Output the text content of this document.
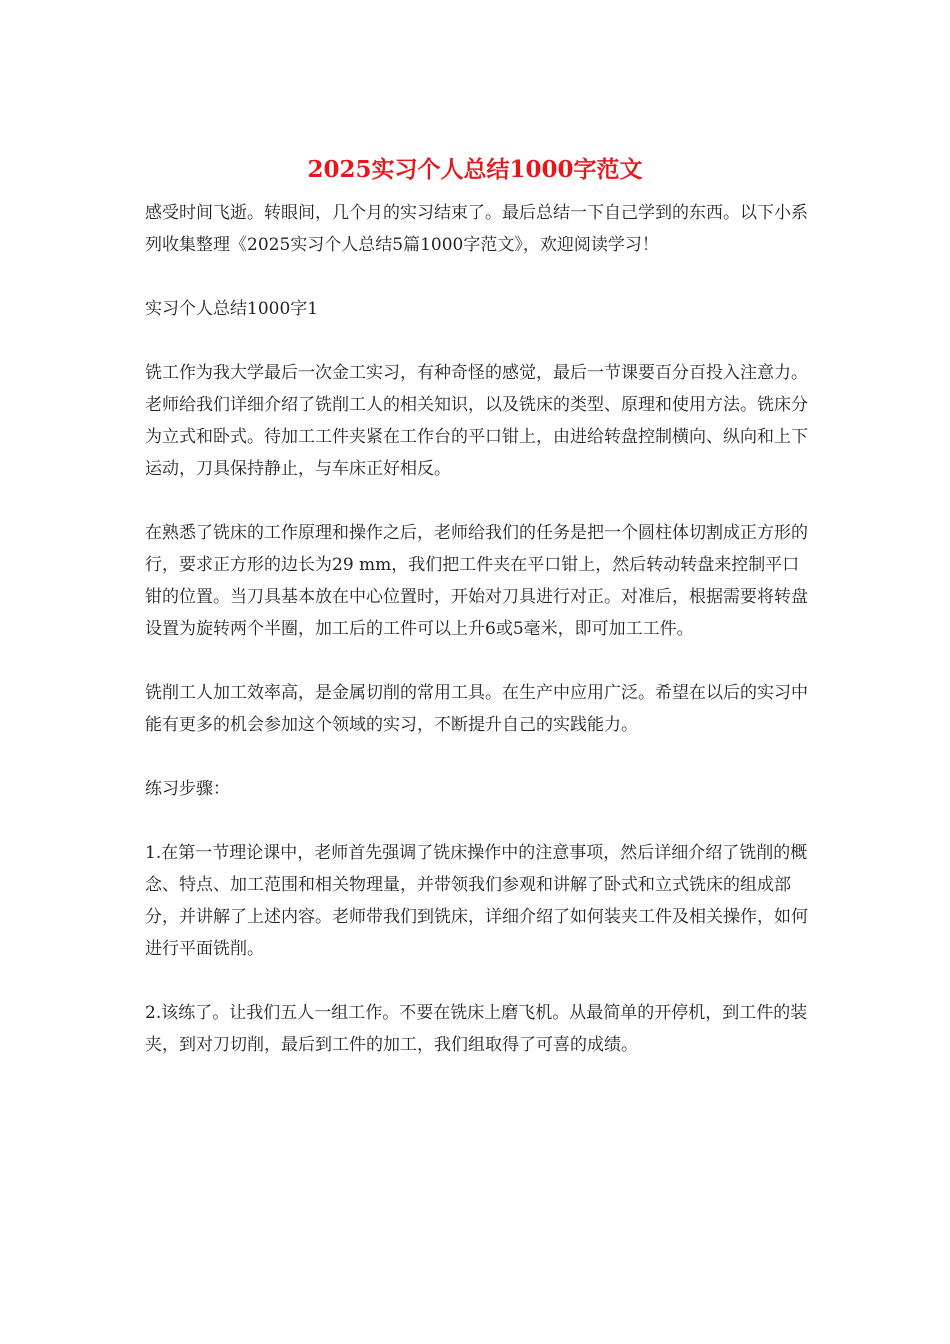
2025实习个人总结1000字范文

感受时间飞逝。转眼间，几个月的实习结束了。最后总结一下自己学到的东西。以下小系列收集整理《2025实习个人总结5篇1000字范文》，欢迎阅读学习！

实习个人总结1000字1

铣工作为我大学最后一次金工实习，有种奇怪的感觉，最后一节课要百分百投入注意力。老师给我们详细介绍了铣削工人的相关知识，以及铣床的类型、原理和使用方法。铣床分为立式和卧式。待加工工件夹紧在工作台的平口钳上，由进给转盘控制横向、纵向和上下运动，刀具保持静止，与车床正好相反。

在熟悉了铣床的工作原理和操作之后，老师给我们的任务是把一个圆柱体切割成正方形的行，要求正方形的边长为29 mm，我们把工件夹在平口钳上，然后转动转盘来控制平口钳的位置。当刀具基本放在中心位置时，开始对刀具进行对正。对准后，根据需要将转盘设置为旋转两个半圈，加工后的工件可以上升6或5毫米，即可加工工件。

铣削工人加工效率高，是金属切削的常用工具。在生产中应用广泛。希望在以后的实习中能有更多的机会参加这个领域的实习，不断提升自己的实践能力。

练习步骤：

1.在第一节理论课中，老师首先强调了铣床操作中的注意事项，然后详细介绍了铣削的概念、特点、加工范围和相关物理量，并带领我们参观和讲解了卧式和立式铣床的组成部分，并讲解了上述内容。老师带我们到铣床，详细介绍了如何装夹工件及相关操作，如何进行平面铣削。

2.该练了。让我们五人一组工作。不要在铣床上磨飞机。从最简单的开停机，到工件的装夹，到对刀切削，最后到工件的加工，我们组取得了可喜的成绩。
